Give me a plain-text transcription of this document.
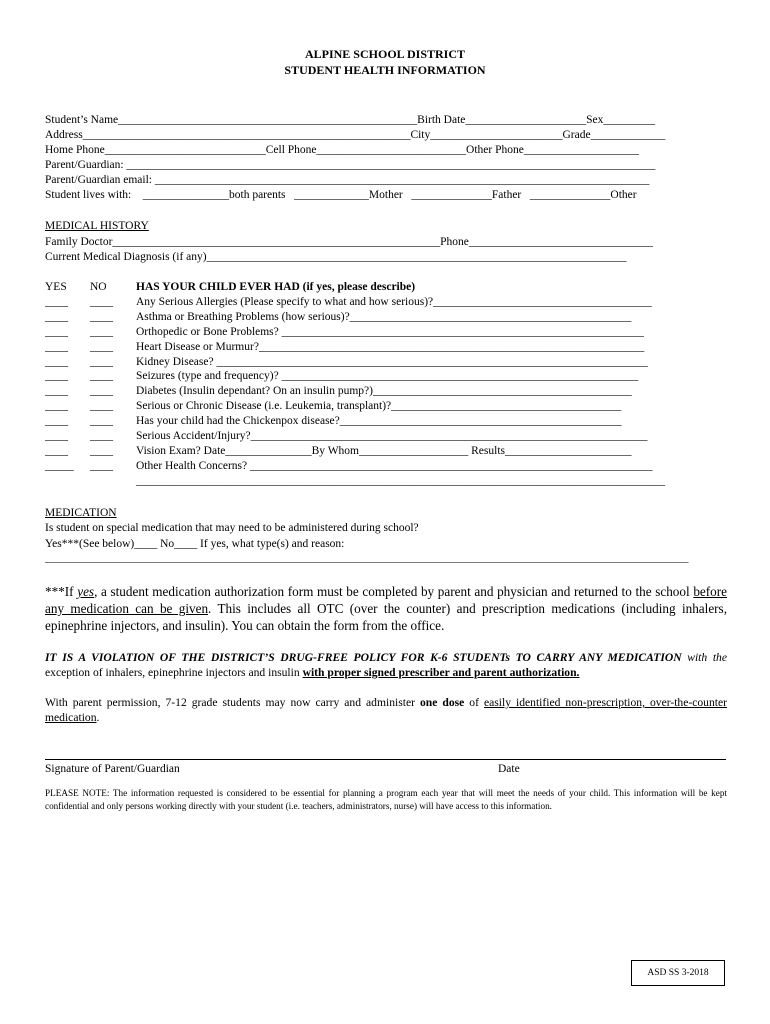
ALPINE SCHOOL DISTRICT
STUDENT HEALTH INFORMATION
Student’s Name____________________________________________________Birth Date_____________________Sex_________
Address_________________________________________________________City_______________________Grade_____________
Home Phone____________________________Cell Phone__________________________Other Phone____________________
Parent/Guardian: ____________________________________________________________________________________________
Parent/Guardian email: ______________________________________________________________________________________
Student lives with:    _______________both parents   _____________Mother   ______________Father   ______________Other
MEDICAL HISTORY
Family Doctor_________________________________________________________Phone________________________________
Current Medical Diagnosis (if any)_________________________________________________________________________
YES	NO	HAS YOUR CHILD EVER HAD (if yes, please describe)
____	____	Any Serious Allergies (Please specify to what and how serious)?______________________________________
____	____	Asthma or Breathing Problems (how serious)?_________________________________________________
____	____	Orthopedic or Bone Problems? _______________________________________________________________
____	____	Heart Disease or Murmur?___________________________________________________________________
____	____	Kidney Disease? ___________________________________________________________________________
____	____	Seizures (type and frequency)? ______________________________________________________________
____	____	Diabetes (Insulin dependant? On an insulin pump?)_____________________________________________
____	____	Serious or Chronic Disease (i.e. Leukemia, transplant)?________________________________________
____	____	Has your child had the Chickenpox disease?_________________________________________________
____	____	Serious Accident/Injury?_____________________________________________________________________
____	____	Vision Exam? Date_______________By Whom___________________ Results______________________
_____	____	Other Health Concerns? ______________________________________________________________________
____________________________________________________________________________________________
MEDICATION
Is student on special medication that may need to be administered during school?
Yes***(See below)____ No____ If yes, what type(s) and reason:
_____________________________________________________________________________________________________________________
***If yes, a student medication authorization form must be completed by parent and physician and returned to the school before any medication can be given. This includes all OTC (over the counter) and prescription medications (including inhalers, epinephrine injectors, and insulin). You can obtain the form from the office.
IT IS A VIOLATION OF THE DISTRICT’S DRUG-FREE POLICY FOR K-6 STUDENTs TO CARRY ANY MEDICATION with the exception of inhalers, epinephrine injectors and insulin with proper signed prescriber and parent authorization.
With parent permission, 7-12 grade students may now carry and administer one dose of easily identified non-prescription, over-the-counter medication.
Signature of Parent/Guardian	Date
PLEASE NOTE: The information requested is considered to be essential for planning a program each year that will meet the needs of your child. This information will be kept confidential and only persons working directly with your student (i.e. teachers, administrators, nurse) will have access to this information.
ASD SS 3-2018
